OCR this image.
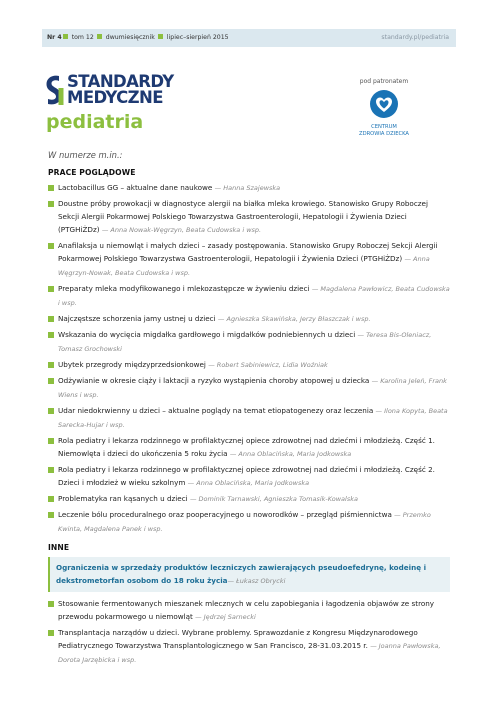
Nr 4 tom 12 dwumiesięcznik lipiec–sierpień 2015	standardy.pl/pediatria
STANDARDY
MEDYCZNE
pediatria
pod patronatem
CENTRUM
ZDROWIA DZIECKA
W numerze m.in.:
PRACE POGLĄDOWE
Lactobacillus GG – aktualne dane naukowe — Hanna Szajewska
Doustne próby prowokacji w diagnostyce alergii na białka mleka krowiego. Stanowisko Grupy Roboczej Sekcji Alergii Pokarmowej Polskiego Towarzystwa Gastroenterologii, Hepatologii i Żywienia Dzieci (PTGHiŻDz) — Anna Nowak-Węgrzyn, Beata Cudowska i wsp.
Anafilaksja u niemowląt i małych dzieci – zasady postępowania. Stanowisko Grupy Roboczej Sekcji Alergii Pokarmowej Polskiego Towarzystwa Gastroenterologii, Hepatologii i Żywienia Dzieci (PTGHiŻDz) — Anna Węgrzyn-Nowak, Beata Cudowska i wsp.
Preparaty mleka modyfikowanego i mlekozastępcze w żywieniu dzieci — Magdalena Pawłowicz, Beata Cudowska i wsp.
Najczęstsze schorzenia jamy ustnej u dzieci — Agnieszka Skawińska, Jerzy Błaszczak i wsp.
Wskazania do wycięcia migdałka gardłowego i migdałków podniebiennych u dzieci — Teresa Bis-Oleniacz, Tomasz Grochowski
Ubytek przegrody międzyprzedsionkowej — Robert Sabiniewicz, Lidia Woźniak
Odżywianie w okresie ciąży i laktacji a ryzyko wystąpienia choroby atopowej u dziecka — Karolina Jeleń, Frank Wiens i wsp.
Udar niedokrwienny u dzieci – aktualne poglądy na temat etiopatogenezy oraz leczenia — Ilona Kopyta, Beata Sarecka-Hujar i wsp.
Rola pediatry i lekarza rodzinnego w profilaktycznej opiece zdrowotnej nad dziećmi i młodzieżą. Część 1. Niemowlęta i dzieci do ukończenia 5 roku życia — Anna Oblacińska, Maria Jodkowska
Rola pediatry i lekarza rodzinnego w profilaktycznej opiece zdrowotnej nad dziećmi i młodzieżą. Część 2. Dzieci i młodzież w wieku szkolnym — Anna Oblacińska, Maria Jodkowska
Problematyka ran kąsanych u dzieci — Dominik Tarnawski, Agnieszka Tomasik-Kowalska
Leczenie bólu proceduralnego oraz pooperacyjnego u noworodków – przegląd piśmiennictwa — Przemko Kwinta, Magdalena Panek i wsp.
INNE
Ograniczenia w sprzedaży produktów leczniczych zawierających pseudoefedrynę, kodeinę i dekstrometorfan osobom do 18 roku życia— Łukasz Obrycki
Stosowanie fermentowanych mieszanek mlecznych w celu zapobiegania i łagodzenia objawów ze strony przewodu pokarmowego u niemowląt — Jędrzej Sarnecki
Transplantacja narządów u dzieci. Wybrane problemy. Sprawozdanie z Kongresu Międzynarodowego Pediatrycznego Towarzystwa Transplantologicznego w San Francisco, 28-31.03.2015 r. — Joanna Pawłowska, Dorota Jarzębicka i wsp.
